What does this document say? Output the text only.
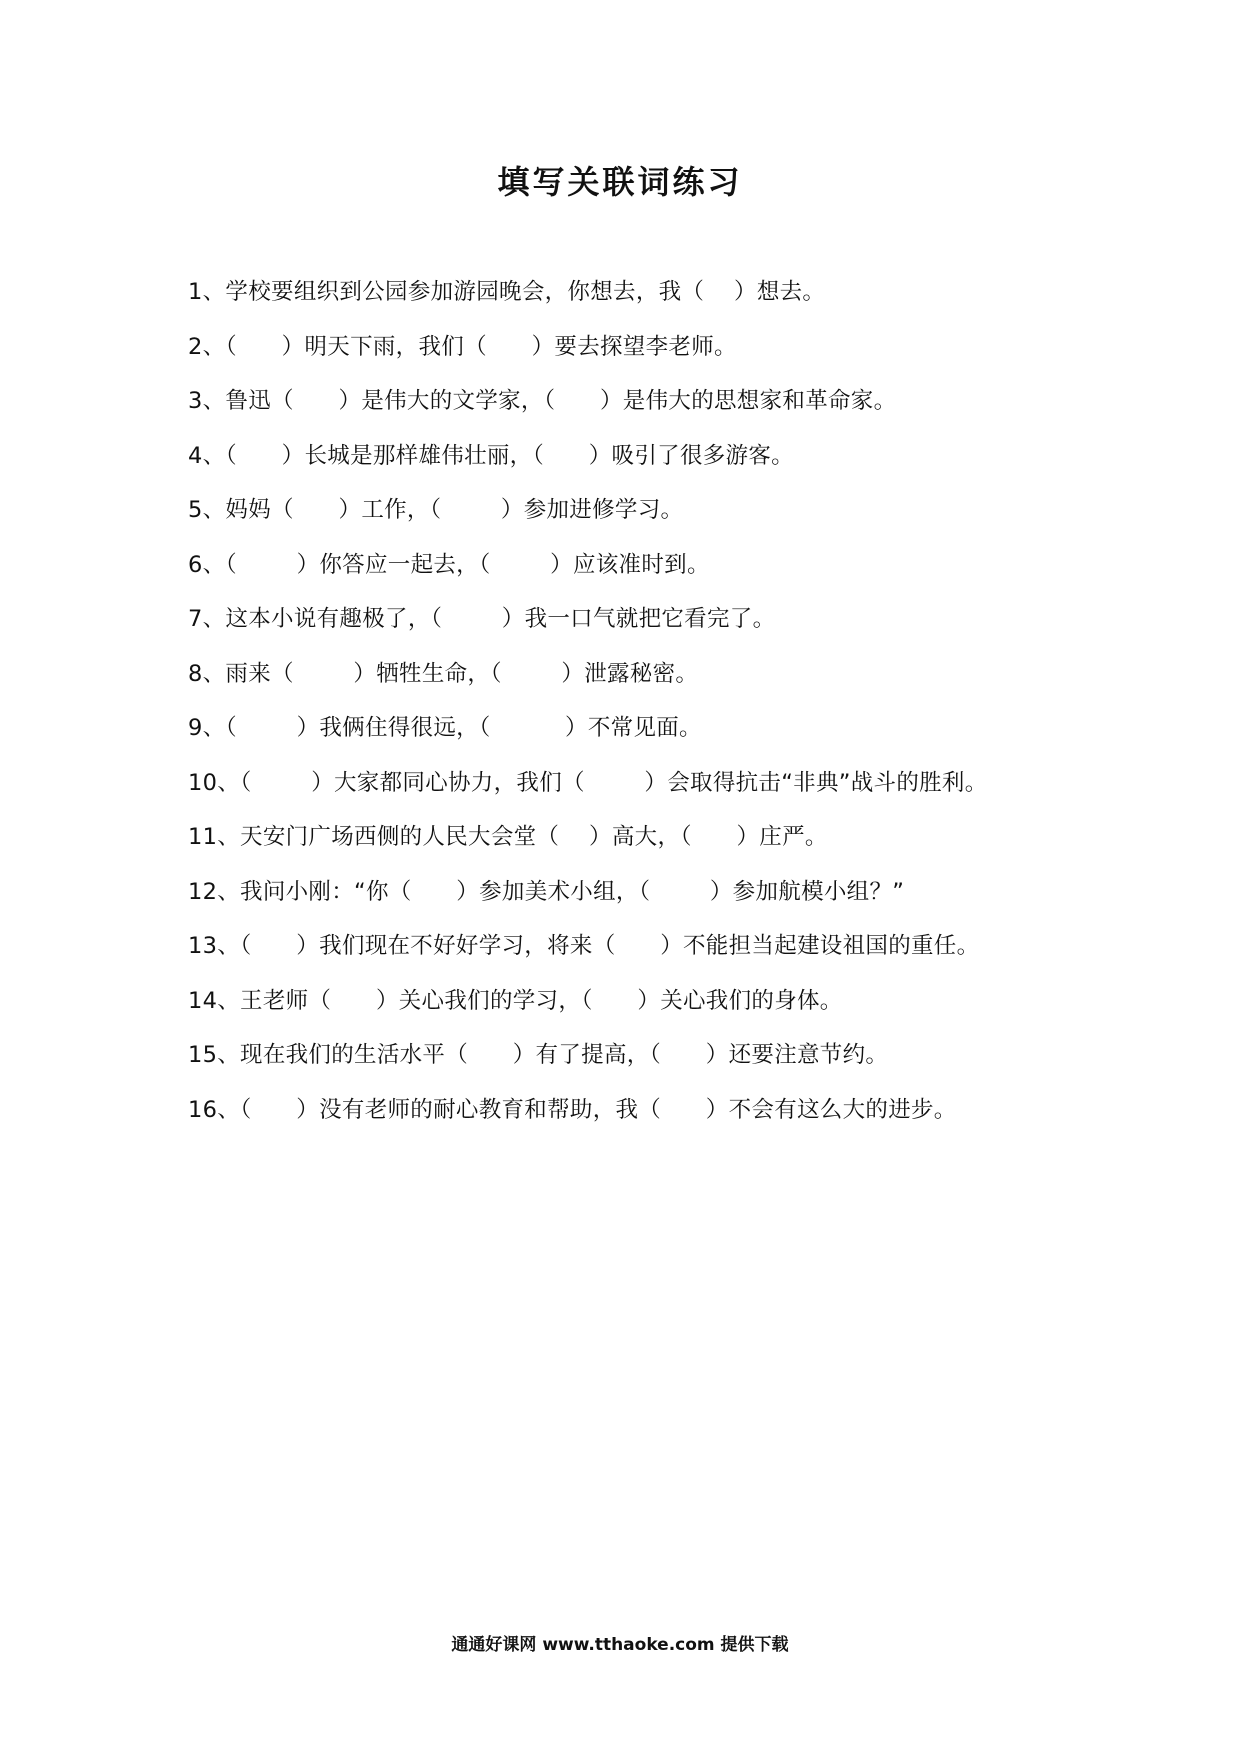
填写关联词练习
1、学校要组织到公园参加游园晚会，你想去，我（    ）想去。
2、（      ）明天下雨，我们（      ）要去探望李老师。
3、鲁迅（      ）是伟大的文学家，（      ）是伟大的思想家和革命家。
4、（      ）长城是那样雄伟壮丽，（      ）吸引了很多游客。
5、妈妈（      ）工作，（        ）参加进修学习。
6、（        ）你答应一起去，（        ）应该准时到。
7、这本小说有趣极了，（        ）我一口气就把它看完了。
8、雨来（        ）牺牲生命，（        ）泄露秘密。
9、（        ）我俩住得很远，（          ）不常见面。
10、（        ）大家都同心协力，我们（        ）会取得抗击“非典”战斗的胜利。
11、天安门广场西侧的人民大会堂（    ）高大，（      ）庄严。
12、我问小刚：“你（      ）参加美术小组，（        ）参加航模小组？”
13、（      ）我们现在不好好学习，将来（      ）不能担当起建设祖国的重任。
14、王老师（      ）关心我们的学习，（      ）关心我们的身体。
15、现在我们的生活水平（      ）有了提高，（      ）还要注意节约。
16、（      ）没有老师的耐心教育和帮助，我（      ）不会有这么大的进步。
通通好课网 www.tthaoke.com 提供下载
